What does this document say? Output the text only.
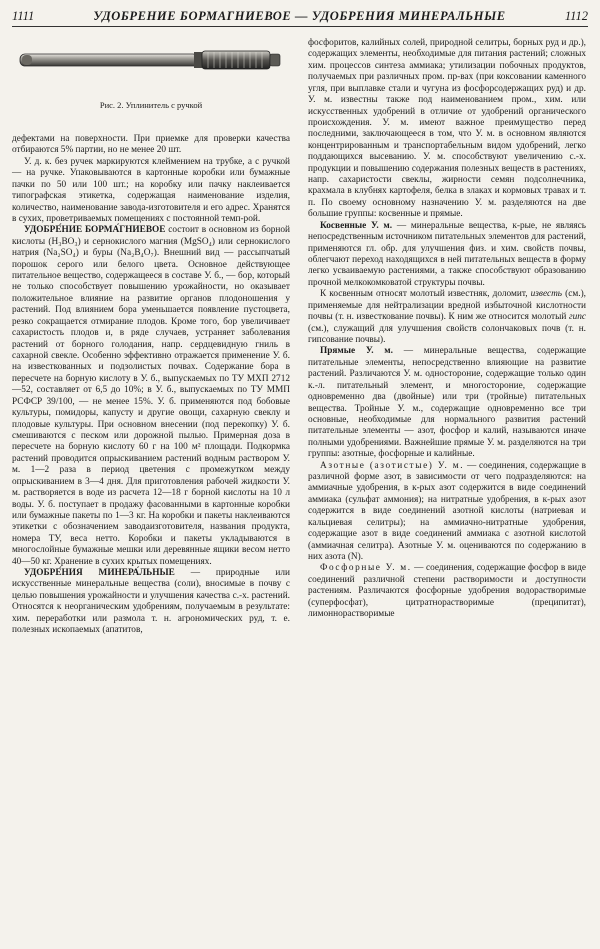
1111	УДОБРЕНИЕ БОРМАГНИЕВОЕ — УДОБРЕНИЯ МИНЕРАЛЬНЫЕ	1112
Рис. 2. Уплинитель с ручкой

дефектами на поверхности. При приемке для проверки качества отбираются 5% партии, но не менее 20 шт.

У. д. к. без ручек маркируются клеймением на трубке, а с ручкой — на ручке. Упаковываются в картонные коробки или бумажные пачки по 50 или 100 шт.; на коробку или пачку наклеивается типографская этикетка, содержащая наименование изделия, количество, наименование завода-изготовителя и его адрес. Хранятся в сухих, проветриваемых помещениях с постоянной темп-рой.

УДОБРЕ́НИЕ БОРМА́ГНИЕВОЕ состоит в основном из борной кислоты (H₃BO₃) и сернокислого магния (MgSO₄) или сернокислого натрия (Na₂SO₄) и буры (Na₂B₄O₇). Внешний вид — рассыпчатый порошок серого или белого цвета. Основное действующее питательное вещество, содержащееся в составе У. б., — бор, который не только способствует повышению урожайности, но оказывает положительное влияние на развитие органов плодоношения у растений. Под влиянием бора уменьшается появление пустоцвета, резко сокращается отмирание плодов. Кроме того, бор увеличивает сахаристость плодов и, в ряде случаев, устраняет заболевания растений от борного голодания, напр. сердцевидную гниль в сахарной свекле. Особенно эффективно отражается применение У. б. на известкованных и подзолистых почвах. Содержание бора в пересчете на борную кислоту в У. б., выпускаемых по ТУ МХП 2712—52, составляет от 6,5 до 10%; в У. б., выпускаемых по ТУ ММП РСФСР 39/100, — не менее 15%. У. б. применяются под бобовые культуры, помидоры, капусту и другие овощи, сахарную свеклу и плодовые культуры. При основном внесении (под перекопку) У. б. смешиваются с песком или дорожной пылью. Примерная доза в пересчете на борную кислоту 60 г на 100 м² площади. Подкормка растений проводится опрыскиванием растений водным раствором У. м. 1—2 раза в период цветения с промежутком между опрыскиванием в 3—4 дня. Для приготовления рабочей жидкости У. м. растворяется в воде из расчета 12—18 г борной кислоты на 10 л воды. У. б. поступает в продажу фасованными в картонные коробки или бумажные пакеты по 1—3 кг. На коробки и пакеты наклеиваются этикетки с обозначением заводаизготовителя, названия продукта, номера ТУ, веса нетто. Коробки и пакеты укладываются в многослойные бумажные мешки или деревянные ящики весом нетто 40—50 кг. Хранение в сухих крытых помещениях.

УДОБРЕ́НИЯ МИНЕРА́ЛЬНЫЕ — природные или искусственные минеральные вещества (соли), вносимые в почву с целью повышения урожайности и улучшения качества с.-х. растений. Относятся к неорганическим удобрениям, получаемым в результате: хим. переработки или размола т. н. агрономических руд, т. е. полезных ископаемых (апатитов,

фосфоритов, калийных солей, природной селитры, борных руд и др.), содержащих элементы, необходимые для питания растений; сложных хим. процессов синтеза аммиака; утилизации побочных продуктов, получаемых при различных пром. пр-вах (при коксовании каменного угля, при выплавке стали и чугуна из фосфорсодержащих руд) и др. У. м. известны также под наименованием пром., хим. или искусственных удобрений в отличие от удобрений органического происхождения. У. м. имеют важное преимущество перед последними, заключающееся в том, что У. м. в основном являются концентрированным и транспортабельным видом удобрений, легко поддающихся высеванию. У. м. способствуют увеличению с.-х. продукции и повышению содержания полезных веществ в растениях, напр. сахаристости свеклы, жирности семян подсолнечника, крахмала в клубнях картофеля, белка в злаках и кормовых травах и т. п. По своему основному назначению У. м. разделяются на две большие группы: косвенные и прямые.

Косвенные У. м. — минеральные вещества, к-рые, не являясь непосредственным источником питательных элементов для растений, применяются гл. обр. для улучшения физ. и хим. свойств почвы, облегчают переход находящихся в ней питательных веществ в форму легко усваиваемую растениями, а также способствуют образованию прочной мелкокомковатой структуры почвы.

К косвенным относят молотый известняк, доломит, известь (см.), применяемые для нейтрализации вредной избыточной кислотности почвы (т. н. известкование почвы). К ним же относится молотый гипс (см.), служащий для улучшения свойств солончаковых почв (т. н. гипсование почвы).

Прямые У. м. — минеральные вещества, содержащие питательные элементы, непосредственно влияющие на развитие растений. Различаются У. м. одностороние, содержащие только один к.-л. питательный элемент, и многостороние, содержащие одновременно два (двойные) или три (тройные) питательных вещества. Тройные У. м., содержащие одновременно все три основные, необходимые для нормального развития растений питательные элементы — азот, фосфор и калий, называются иначе полными удобрениями. Важнейшие прямые У. м. разделяются на три группы: азотные, фосфорные и калийные.

Азотные (азотистые) У. м. — соединения, содержащие в различной форме азот, в зависимости от чего подразделяются: на аммиачные удобрения, в к-рых азот содержится в виде соединений аммиака (сульфат аммония); на нитратные удобрения, в к-рых азот содержится в виде соединений азотной кислоты (натриевая и кальциевая селитры); на аммиачно-нитратные удобрения, содержащие азот в виде соединений аммиака с азотной кислотой (аммиачная селитра). Азотные У. м. оцениваются по содержанию в них азота (N).

Фосфорные У. м. — соединения, содержащие фосфор в виде соединений различной степени растворимости и доступности растениям. Различаются фосфорные удобрения водорастворимые (суперфосфат), цитратнорастворимые (преципитат), лимоннорастворимые
